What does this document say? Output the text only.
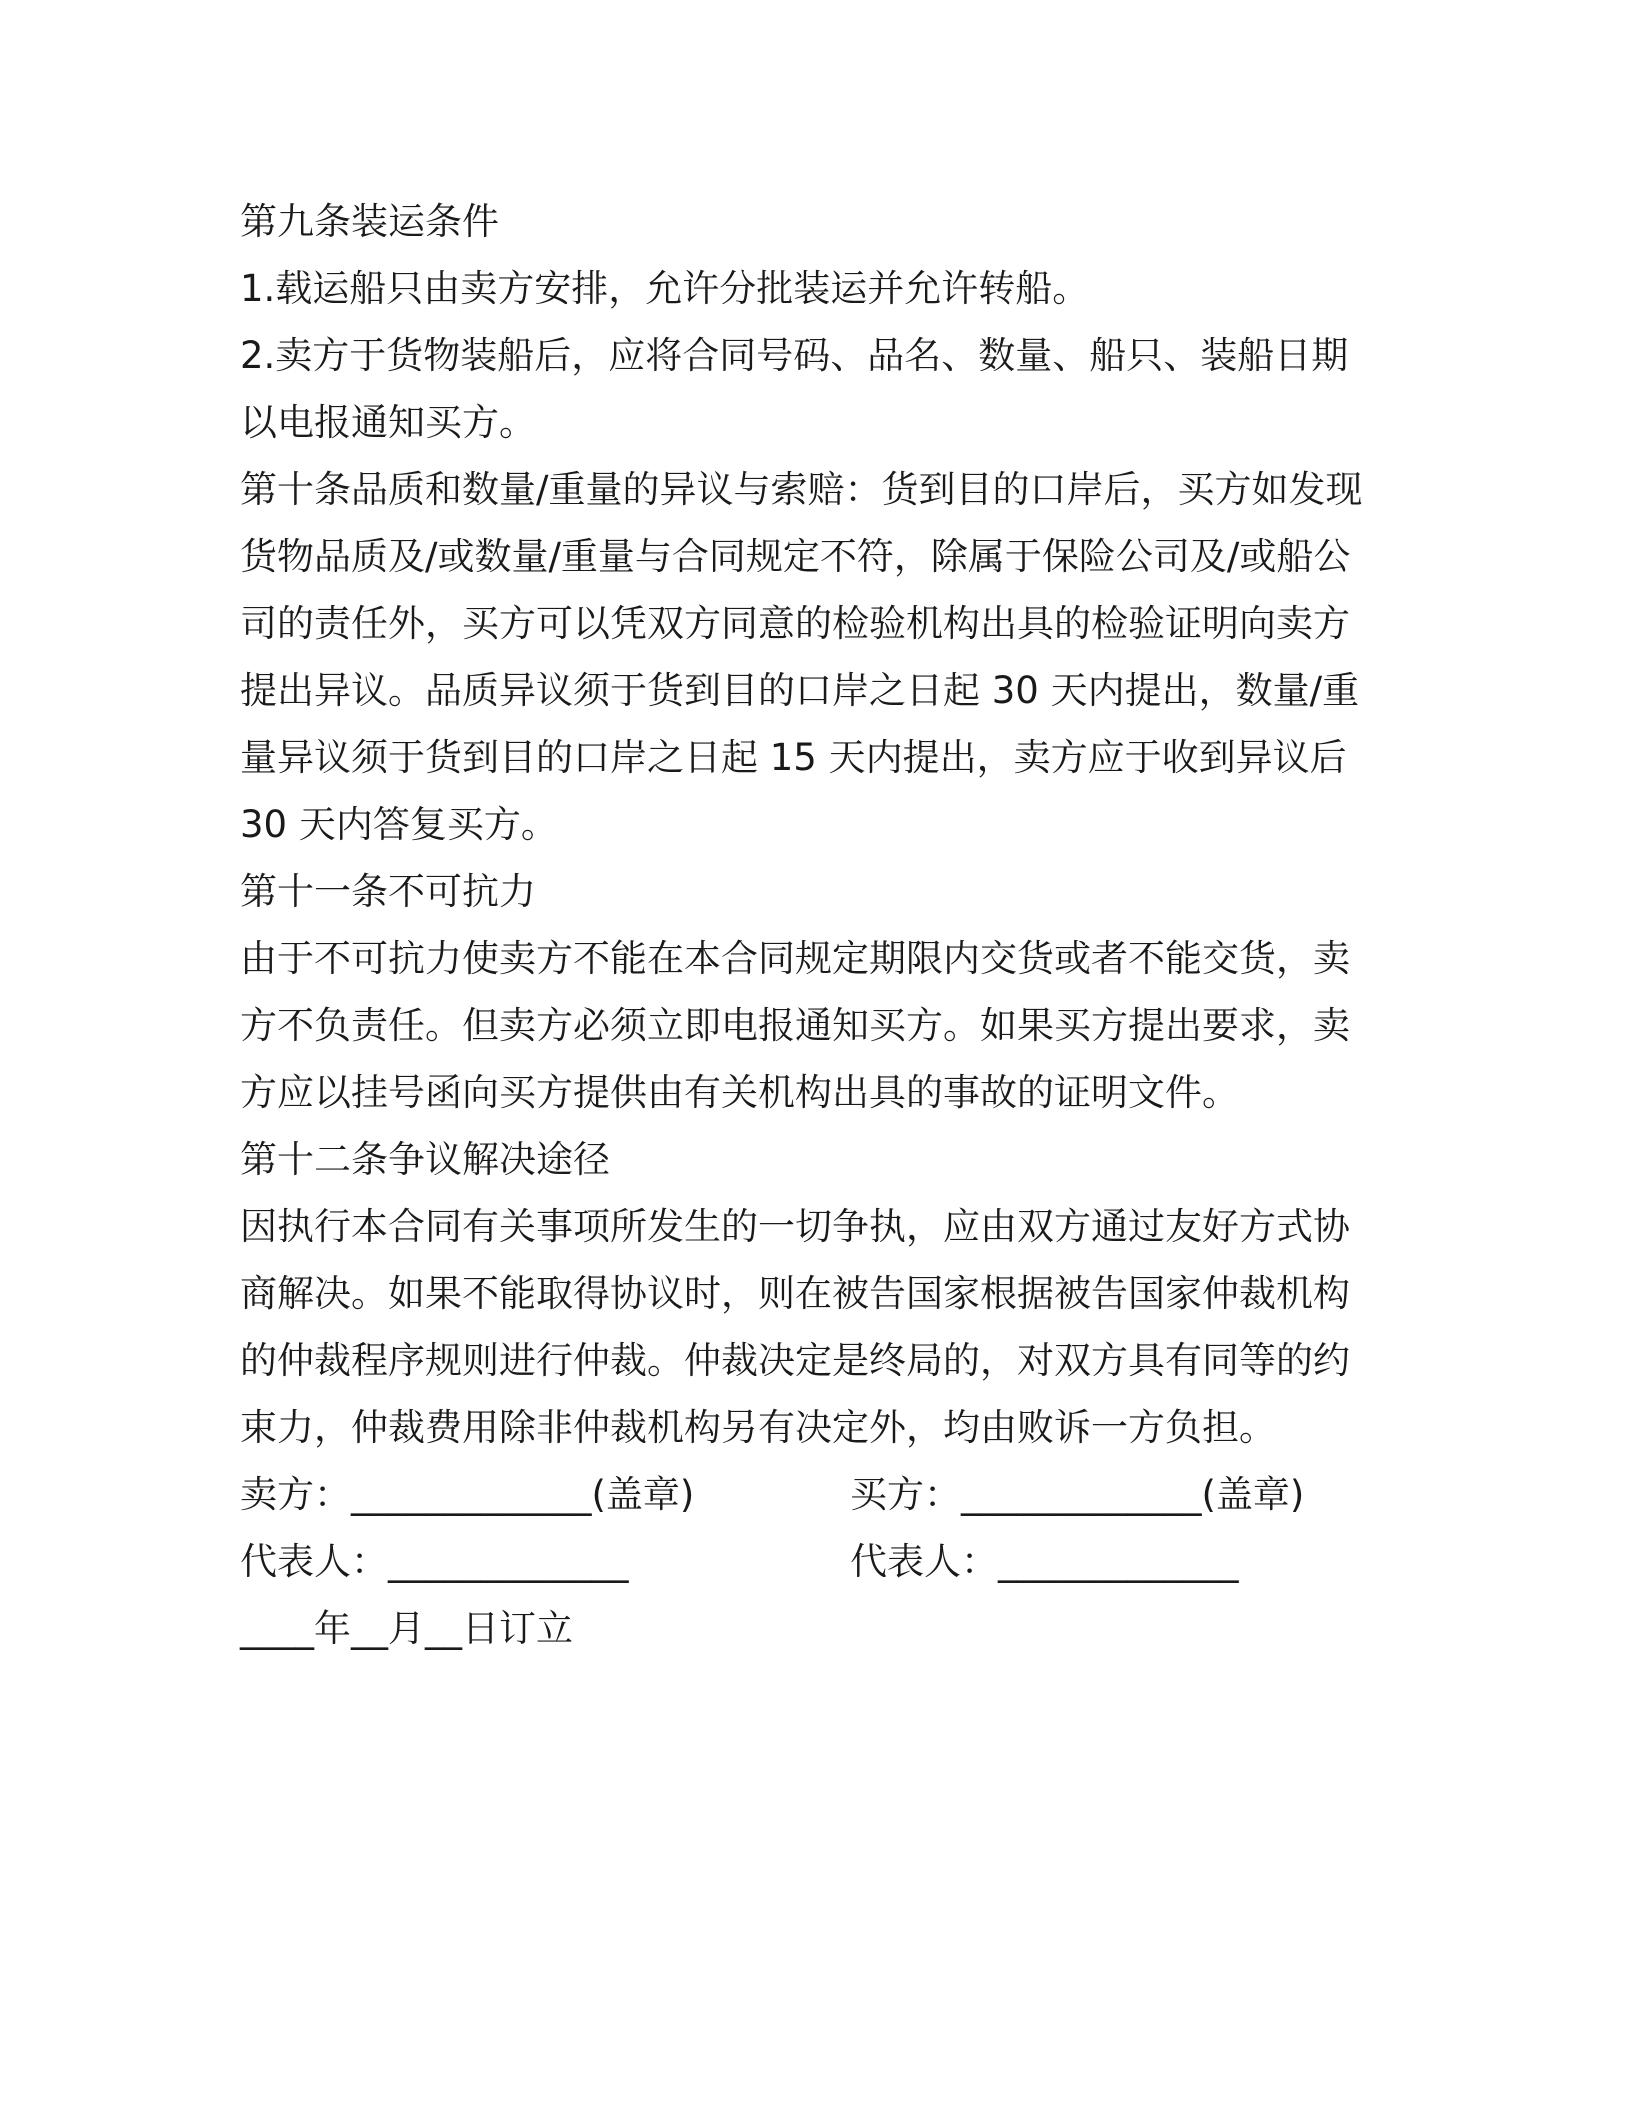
第九条装运条件
1.载运船只由卖方安排，允许分批装运并允许转船。
2.卖方于货物装船后，应将合同号码、品名、数量、船只、装船日期
以电报通知买方。
第十条品质和数量/重量的异议与索赔：货到目的口岸后，买方如发现
货物品质及/或数量/重量与合同规定不符，除属于保险公司及/或船公
司的责任外，买方可以凭双方同意的检验机构出具的检验证明向卖方
提出异议。品质异议须于货到目的口岸之日起 30 天内提出，数量/重
量异议须于货到目的口岸之日起 15 天内提出，卖方应于收到异议后
30 天内答复买方。
第十一条不可抗力
由于不可抗力使卖方不能在本合同规定期限内交货或者不能交货，卖
方不负责任。但卖方必须立即电报通知买方。如果买方提出要求，卖
方应以挂号函向买方提供由有关机构出具的事故的证明文件。
第十二条争议解决途径
因执行本合同有关事项所发生的一切争执，应由双方通过友好方式协
商解决。如果不能取得协议时，则在被告国家根据被告国家仲裁机构
的仲裁程序规则进行仲裁。仲裁决定是终局的，对双方具有同等的约
束力，仲裁费用除非仲裁机构另有决定外，均由败诉一方负担。
卖方：_____________(盖章)	买方：_____________(盖章)
代表人：_____________	代表人：_____________
____年__月__日订立
